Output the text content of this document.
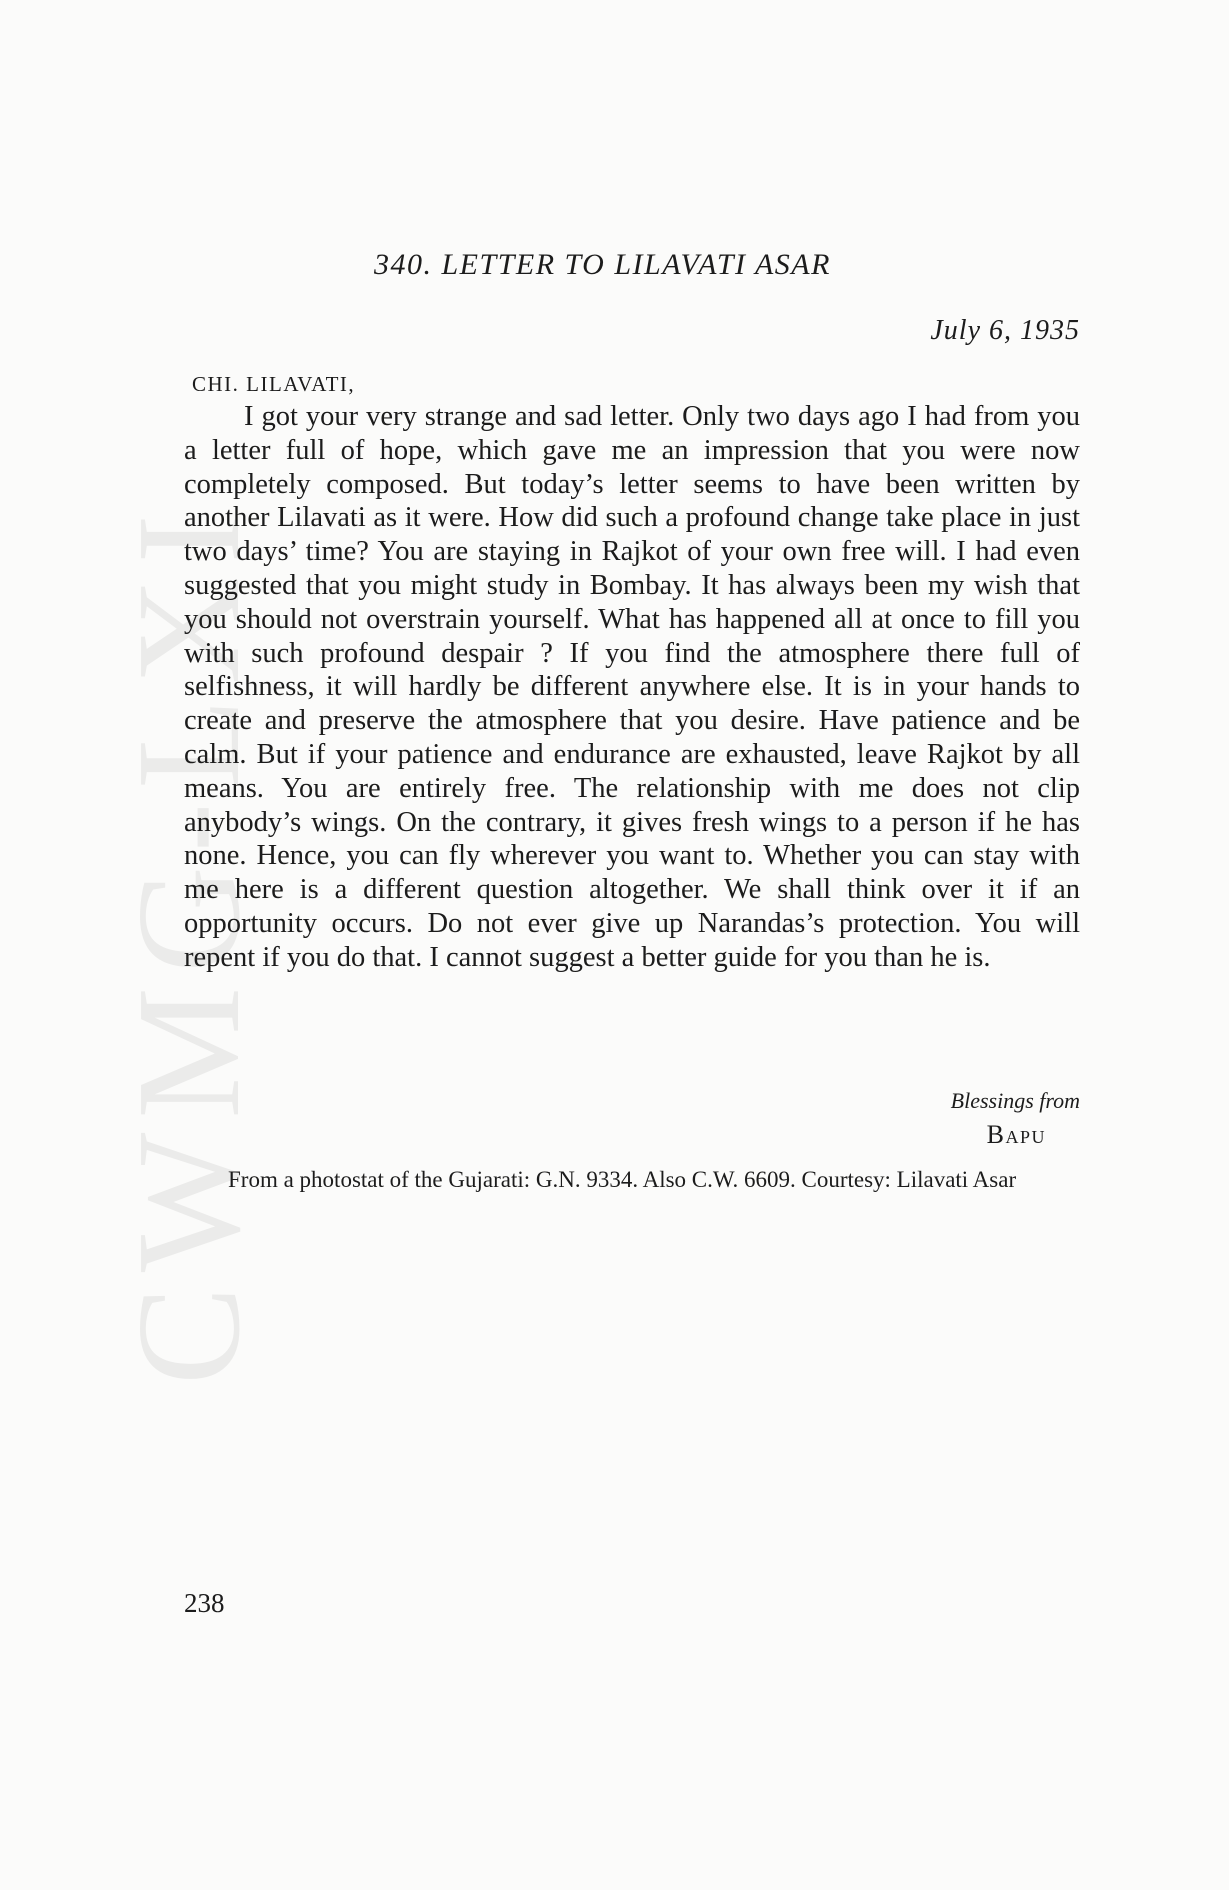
CWMG-LXI
340. LETTER TO LILAVATI ASAR
July 6, 1935
CHI. LILAVATI,

I got your very strange and sad letter. Only two days ago I had from you a letter full of hope, which gave me an impression that you were now completely composed. But today’s letter seems to have been written by another Lilavati as it were. How did such a profound change take place in just two days’ time? You are staying in Rajkot of your own free will. I had even suggested that you might study in Bombay. It has always been my wish that you should not overstrain yourself. What has happened all at once to fill you with such profound despair ? If you find the atmosphere there full of selfishness, it will hardly be different anywhere else. It is in your hands to create and preserve the atmosphere that you desire. Have patience and be calm. But if your patience and endurance are exhausted, leave Rajkot by all means. You are entirely free. The relationship with me does not clip anybody’s wings. On the contrary, it gives fresh wings to a person if he has none. Hence, you can fly wherever you want to. Whether you can stay with me here is a different question altogether. We shall think over it if an opportunity occurs. Do not ever give up Narandas’s protection. You will repent if you do that. I cannot suggest a better guide for you than he is.

Blessings from
Bapu

From a photostat of the Gujarati: G.N. 9334. Also C.W. 6609. Courtesy: Lilavati Asar

238
